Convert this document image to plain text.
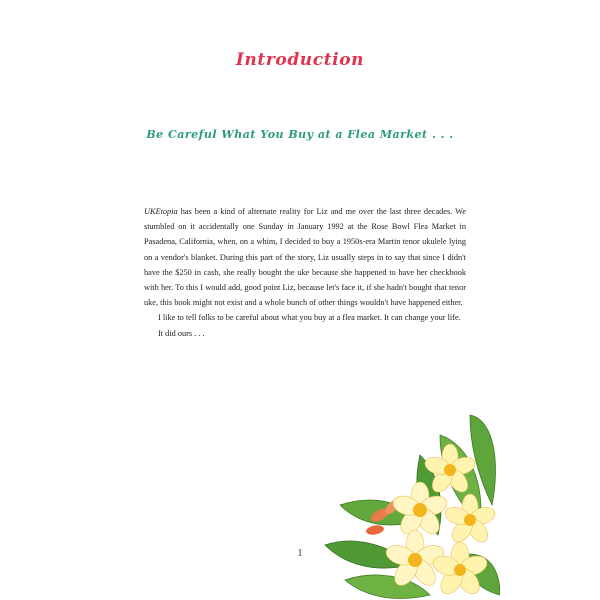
Introduction
Be Careful What You Buy at a Flea Market . . .

UKEtopia has been a kind of alternate reality for Liz and me over the last three decades. We stumbled on it accidentally one Sunday in January 1992 at the Rose Bowl Flea Market in Pasadena, California, when, on a whim, I decided to buy a 1950s-era Martin tenor ukulele lying on a vendor's blanket. During this part of the story, Liz usually steps in to say that since I didn't have the $250 in cash, she really bought the uke because she happened to have her checkbook with her. To this I would add, good point Liz, because let's face it, if she hadn't bought that tenor uke, this book might not exist and a whole bunch of other things wouldn't have happened either.

I like to tell folks to be careful about what you buy at a flea market. It can change your life.

It did ours . . .

1
